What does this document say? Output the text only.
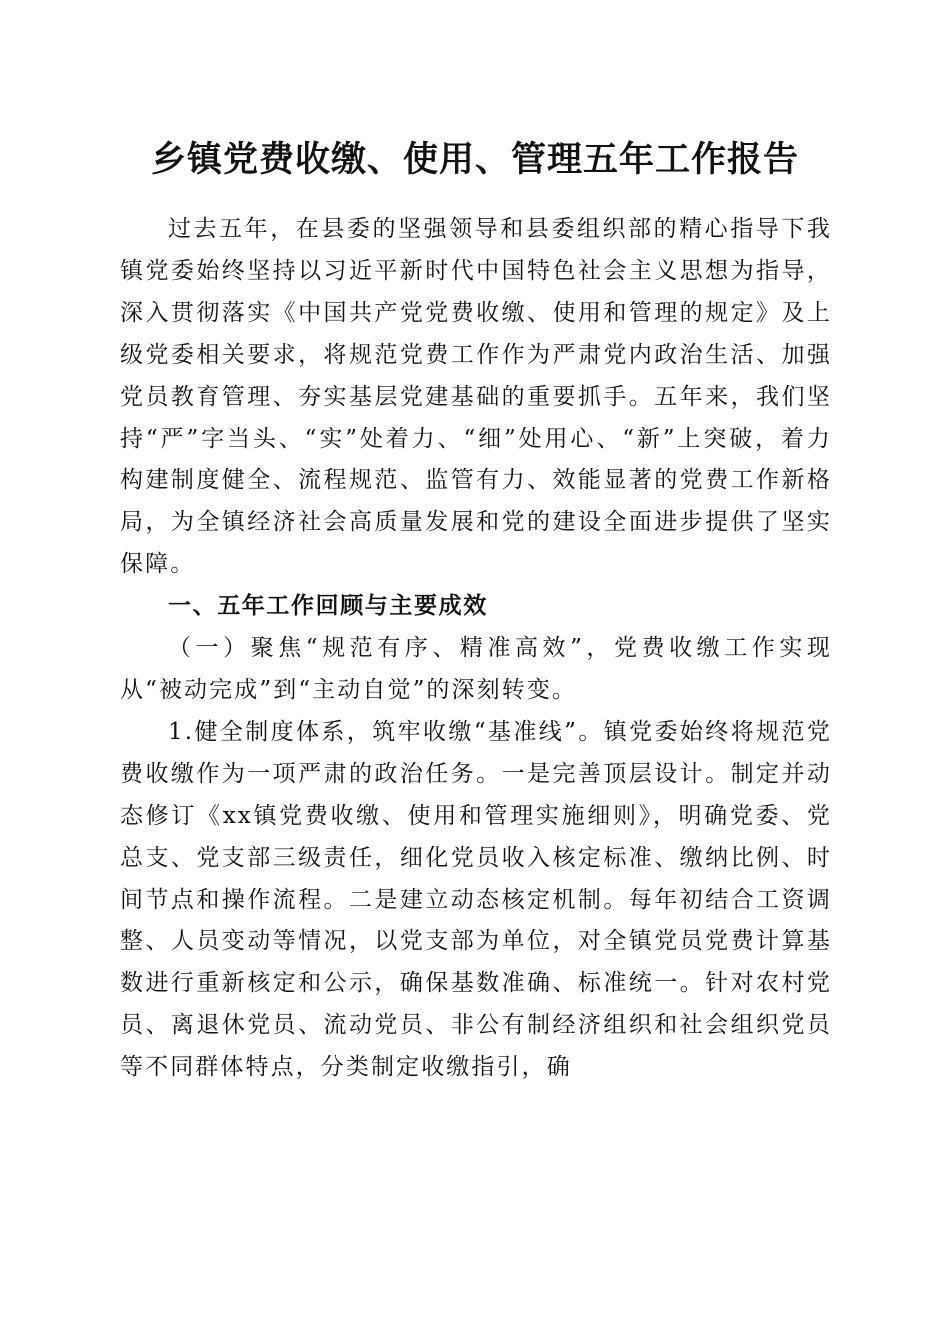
乡镇党费收缴、使用、管理五年工作报告

过去五年，在县委的坚强领导和县委组织部的精心指导下我镇党委始终坚持以习近平新时代中国特色社会主义思想为指导，深入贯彻落实《中国共产党党费收缴、使用和管理的规定》及上级党委相关要求，将规范党费工作作为严肃党内政治生活、加强党员教育管理、夯实基层党建基础的重要抓手。五年来，我们坚持“严”字当头、“实”处着力、“细”处用心、“新”上突破，着力构建制度健全、流程规范、监管有力、效能显著的党费工作新格局，为全镇经济社会高质量发展和党的建设全面进步提供了坚实保障。

一、五年工作回顾与主要成效

（一）聚焦“规范有序、精准高效”，党费收缴工作实现从“被动完成”到“主动自觉”的深刻转变。

1.健全制度体系，筑牢收缴“基准线”。镇党委始终将规范党费收缴作为一项严肃的政治任务。一是完善顶层设计。制定并动态修订《xx镇党费收缴、使用和管理实施细则》，明确党委、党总支、党支部三级责任，细化党员收入核定标准、缴纳比例、时间节点和操作流程。二是建立动态核定机制。每年初结合工资调整、人员变动等情况，以党支部为单位，对全镇党员党费计算基数进行重新核定和公示，确保基数准确、标准统一。针对农村党员、离退休党员、流动党员、非公有制经济组织和社会组织党员等不同群体特点，分类制定收缴指引，确
